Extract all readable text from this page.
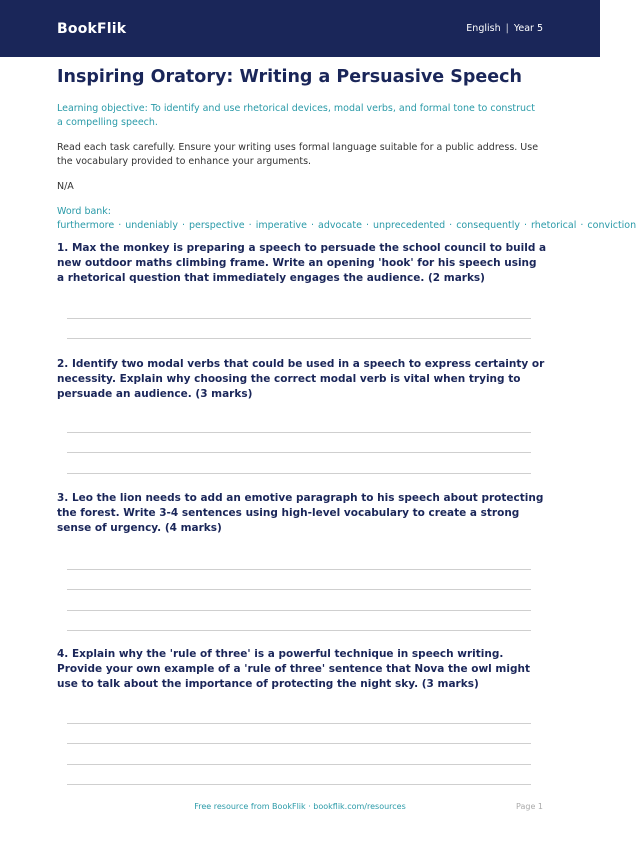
BookFlik	English | Year 5
Inspiring Oratory: Writing a Persuasive Speech
Learning objective: To identify and use rhetorical devices, modal verbs, and formal tone to construct a compelling speech.
Read each task carefully. Ensure your writing uses formal language suitable for a public address. Use the vocabulary provided to enhance your arguments.
N/A
Word bank: furthermore · undeniably · perspective · imperative · advocate · unprecedented · consequently · rhetorical · conviction
1. Max the monkey is preparing a speech to persuade the school council to build a new outdoor maths climbing frame. Write an opening 'hook' for his speech using a rhetorical question that immediately engages the audience. (2 marks)
2. Identify two modal verbs that could be used in a speech to express certainty or necessity. Explain why choosing the correct modal verb is vital when trying to persuade an audience. (3 marks)
3. Leo the lion needs to add an emotive paragraph to his speech about protecting the forest. Write 3-4 sentences using high-level vocabulary to create a strong sense of urgency. (4 marks)
4. Explain why the 'rule of three' is a powerful technique in speech writing. Provide your own example of a 'rule of three' sentence that Nova the owl might use to talk about the importance of protecting the night sky. (3 marks)
Free resource from BookFlik · bookflik.com/resources	Page 1
